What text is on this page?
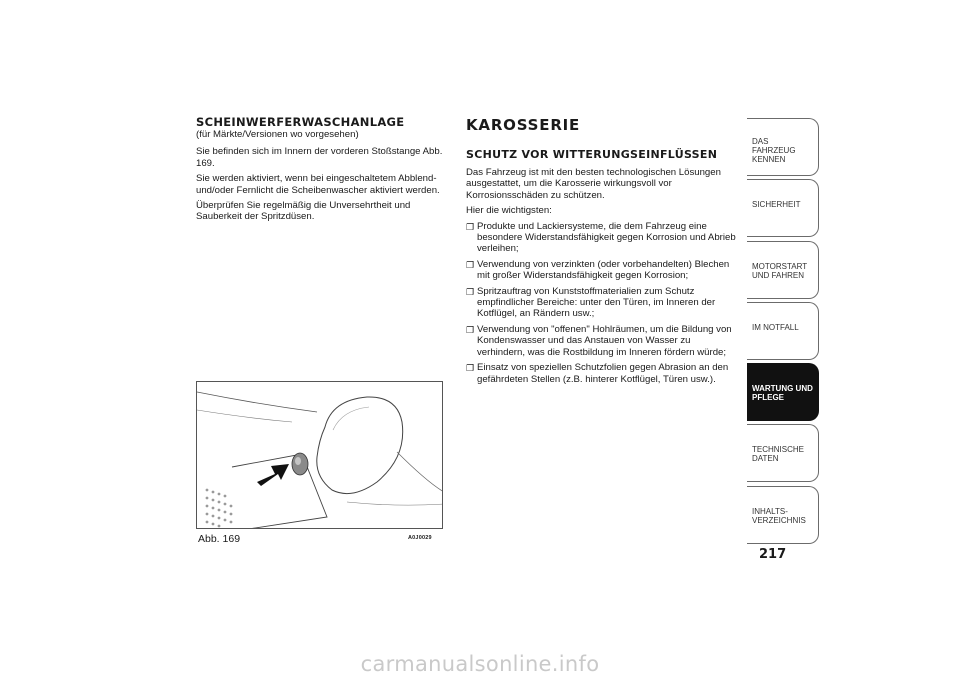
SCHEINWERFERWASCHANLAGE

(für Märkte/Versionen wo vorgesehen)

Sie befinden sich im Innern der vorderen Stoßstange Abb. 169.

Sie werden aktiviert, wenn bei eingeschaltetem Abblend- und/oder Fernlicht die Scheibenwascher aktiviert werden.

Überprüfen Sie regelmäßig die Unversehrtheit und Sauberkeit der Spritzdüsen.

Abb. 169	A0J0029
KAROSSERIE
SCHUTZ VOR WITTERUNGSEINFLÜSSEN

Das Fahrzeug ist mit den besten technologischen Lösungen ausgestattet, um die Karosserie wirkungsvoll vor Korrosionsschäden zu schützen.

Hier die wichtigsten:

❐ Produkte und Lackiersysteme, die dem Fahrzeug eine besondere Widerstandsfähigkeit gegen Korrosion und Abrieb verleihen;
❐ Verwendung von verzinkten (oder vorbehandelten) Blechen mit großer Widerstandsfähigkeit gegen Korrosion;
❐ Spritzauftrag von Kunststoffmaterialien zum Schutz empfindlicher Bereiche: unter den Türen, im Inneren der Kotflügel, an Rändern usw.;
❐ Verwendung von "offenen" Hohlräumen, um die Bildung von Kondenswasser und das Anstauen von Wasser zu verhindern, was die Rostbildung im Inneren fördern würde;
❐ Einsatz von speziellen Schutzfolien gegen Abrasion an den gefährdeten Stellen (z.B. hinterer Kotflügel, Türen usw.).
DAS FAHRZEUG KENNEN
SICHERHEIT
MOTORSTART UND FAHREN
IM NOTFALL
WARTUNG UND PFLEGE
TECHNISCHE DATEN
INHALTS-VERZEICHNIS
217
carmanualsonline.info
